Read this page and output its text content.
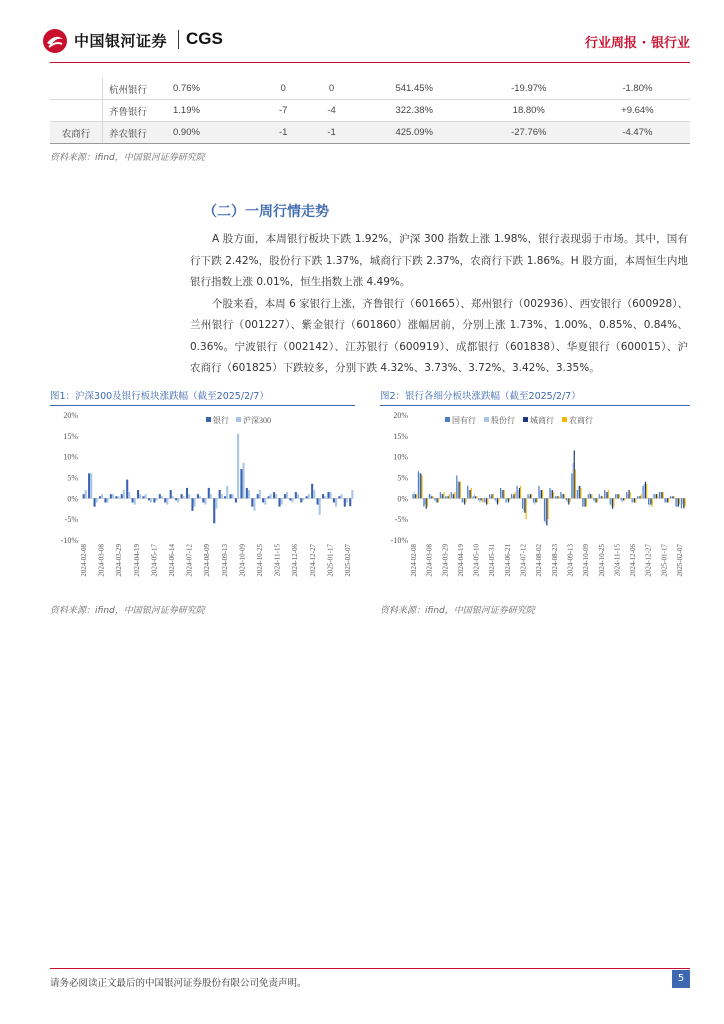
中国银河证券 CGS	行业周报 · 银行业
	杭州银行	0.76%	0	0	541.45%	-19.97%	-1.80%
	齐鲁银行	1.19%	-7	-4	322.38%	18.80%	+9.64%
农商行	养农银行	0.90%	-1	-1	425.09%	-27.76%	-4.47%
资料来源：ifind，中国银河证券研究院
（二）一周行情走势

A 股方面，本周银行板块下跌 1.92%，沪深 300 指数上涨 1.98%，银行表现弱于市场。其中，国有行下跌 2.42%，股份行下跌 1.37%，城商行下跌 2.37%，农商行下跌 1.86%。H 股方面，本周恒生内地银行指数上涨 0.01%，恒生指数上涨 4.49%。

个股来看，本周 6 家银行上涨，齐鲁银行（601665）、郑州银行（002936）、西安银行（600928）、兰州银行（001227）、紫金银行（601860）涨幅居前，分别上涨 1.73%、1.00%、0.85%、0.84%、0.36%。宁波银行（002142）、江苏银行（600919）、成都银行（601838）、华夏银行（600015）、沪农商行（601825）下跌较多，分别下跌 4.32%、3.73%、3.72%、3.42%、3.35%。

图1：沪深300及银行板块涨跌幅（截至2025/2/7）
20%
15%
10%
5%
0%
-5%
-10%
银行 沪深300
2024-02-08 2024-03-08 2024-03-29 2024-04-19 2024-05-17 2024-06-14 2024-07-12 2024-08-09 2024-09-13 2024-10-09 2024-10-25 2024-11-15 2024-12-06 2024-12-27 2025-01-17 2025-02-07
资料来源：ifind，中国银河证券研究院
图2：银行各细分板块涨跌幅（截至2025/2/7）
20%
15%
10%
5%
0%
-5%
-10%
国有行 股份行 城商行 农商行
2024-02-08 2024-03-08 2024-03-29 2024-04-19 2024-05-10 2024-05-31 2024-06-21 2024-07-12 2024-08-02 2024-08-23 2024-09-13 2024-10-09 2024-10-25 2024-11-15 2024-12-06 2024-12-27 2025-01-17 2025-02-07
资料来源：ifind，中国银河证券研究院
请务必阅读正文最后的中国银河证券股份有限公司免责声明。	5
